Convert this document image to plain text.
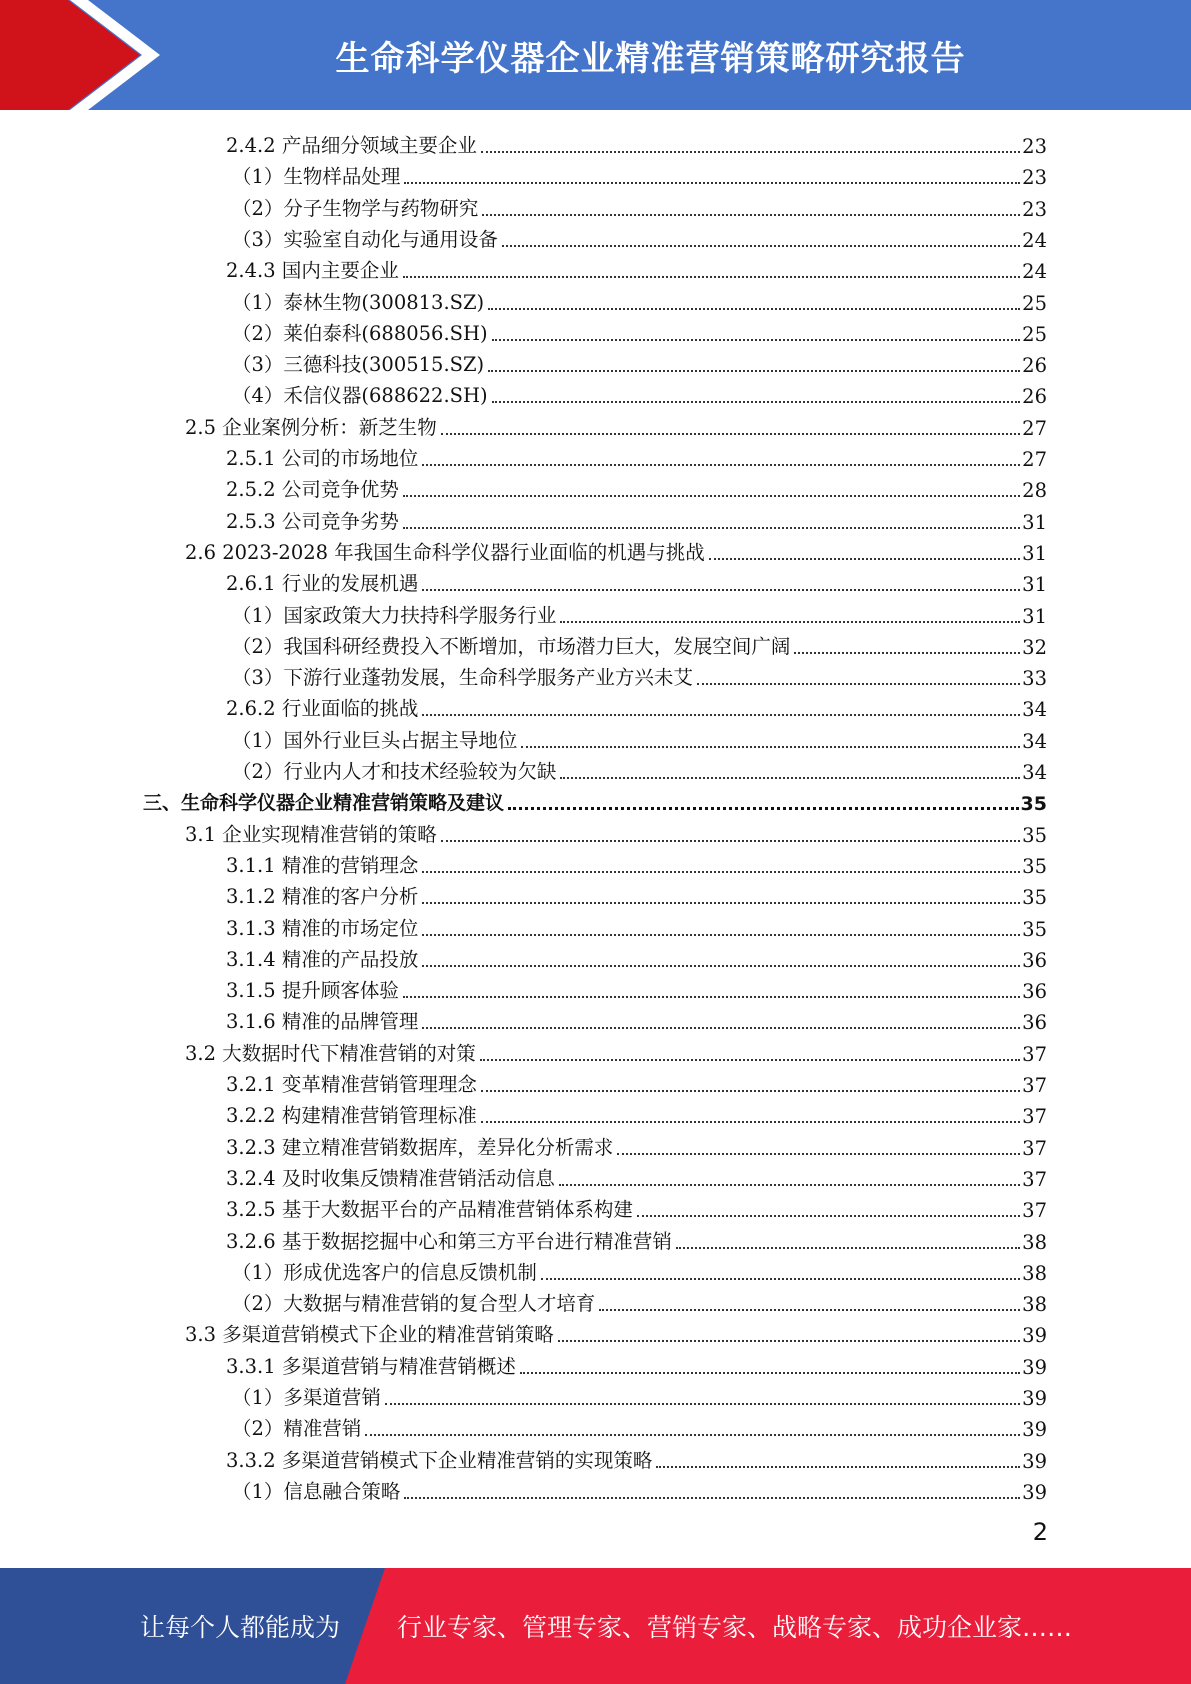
生命科学仪器企业精准营销策略研究报告
2.4.2 产品细分领域主要企业	23
（1）生物样品处理	23
（2）分子生物学与药物研究	23
（3）实验室自动化与通用设备	24
2.4.3 国内主要企业	24
（1）泰林生物(300813.SZ)	25
（2）莱伯泰科(688056.SH)	25
（3）三德科技(300515.SZ)	26
（4）禾信仪器(688622.SH)	26
2.5 企业案例分析：新芝生物	27
2.5.1 公司的市场地位	27
2.5.2 公司竞争优势	28
2.5.3 公司竞争劣势	31
2.6 2023-2028 年我国生命科学仪器行业面临的机遇与挑战	31
2.6.1 行业的发展机遇	31
（1）国家政策大力扶持科学服务行业	31
（2）我国科研经费投入不断增加，市场潜力巨大，发展空间广阔	32
（3）下游行业蓬勃发展，生命科学服务产业方兴未艾	33
2.6.2 行业面临的挑战	34
（1）国外行业巨头占据主导地位	34
（2）行业内人才和技术经验较为欠缺	34
三、生命科学仪器企业精准营销策略及建议	35
3.1 企业实现精准营销的策略	35
3.1.1 精准的营销理念	35
3.1.2 精准的客户分析	35
3.1.3 精准的市场定位	35
3.1.4 精准的产品投放	36
3.1.5 提升顾客体验	36
3.1.6 精准的品牌管理	36
3.2 大数据时代下精准营销的对策	37
3.2.1 变革精准营销管理理念	37
3.2.2 构建精准营销管理标准	37
3.2.3 建立精准营销数据库，差异化分析需求	37
3.2.4 及时收集反馈精准营销活动信息	37
3.2.5 基于大数据平台的产品精准营销体系构建	37
3.2.6 基于数据挖掘中心和第三方平台进行精准营销	38
（1）形成优选客户的信息反馈机制	38
（2）大数据与精准营销的复合型人才培育	38
3.3 多渠道营销模式下企业的精准营销策略	39
3.3.1 多渠道营销与精准营销概述	39
（1）多渠道营销	39
（2）精准营销	39
3.3.2 多渠道营销模式下企业精准营销的实现策略	39
（1）信息融合策略	39
2
让每个人都能成为 行业专家、管理专家、营销专家、战略专家、成功企业家……
